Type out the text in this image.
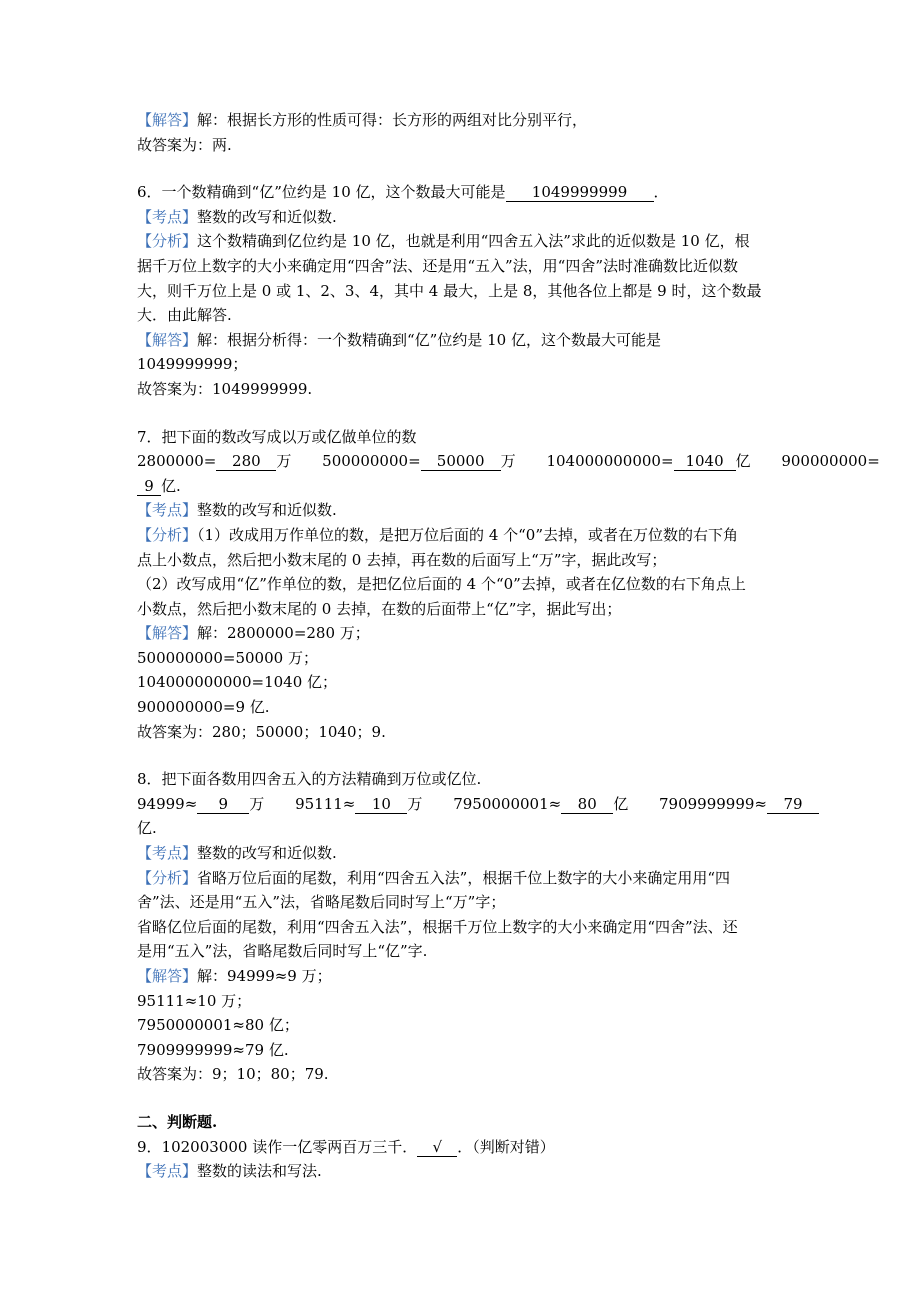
【解答】解：根据长方形的性质可得：长方形的两组对比分别平行，
故答案为：两.
6．一个数精确到“亿”位约是 10 亿，这个数最大可能是 1049999999 ．
【考点】整数的改写和近似数.
【分析】这个数精确到亿位约是 10 亿，也就是利用“四舍五入法”求此的近似数是 10 亿，根
据千万位上数字的大小来确定用“四舍”法、还是用“五入”法，用“四舍”法时准确数比近似数
大，则千万位上是 0 或 1、2、3、4，其中 4 最大，上是 8，其他各位上都是 9 时，这个数最
大．由此解答.
【解答】解：根据分析得：一个数精确到“亿”位约是 10 亿，这个数最大可能是
1049999999；
故答案为：1049999999.
7．把下面的数改写成以万或亿做单位的数
2800000= 280 万 500000000= 50000 万 104000000000= 1040 亿 900000000=
9 亿.
【考点】整数的改写和近似数.
【分析】（1）改成用万作单位的数，是把万位后面的 4 个“0”去掉，或者在万位数的右下角
点上小数点，然后把小数末尾的 0 去掉，再在数的后面写上“万”字，据此改写；
（2）改写成用“亿”作单位的数，是把亿位后面的 4 个“0”去掉，或者在亿位数的右下角点上
小数点，然后把小数末尾的 0 去掉，在数的后面带上“亿”字，据此写出；
【解答】解：2800000=280 万；
500000000=50000 万；
104000000000=1040 亿；
900000000=9 亿.
故答案为：280；50000；1040；9.
8．把下面各数用四舍五入的方法精确到万位或亿位.
94999≈ 9 万 95111≈ 10 万 7950000001≈ 80 亿 7909999999≈ 79
亿.
【考点】整数的改写和近似数.
【分析】省略万位后面的尾数，利用“四舍五入法”，根据千位上数字的大小来确定用用“四
舍”法、还是用“五入”法，省略尾数后同时写上“万”字；
省略亿位后面的尾数，利用“四舍五入法”，根据千万位上数字的大小来确定用“四舍”法、还
是用“五入”法，省略尾数后同时写上“亿”字.
【解答】解：94999≈9 万；
95111≈10 万；
7950000001≈80 亿；
7909999999≈79 亿.
故答案为：9；10；80；79.
二、判断题.
9．102003000 读作一亿零两百万三千． √ ．（判断对错）
【考点】整数的读法和写法.
